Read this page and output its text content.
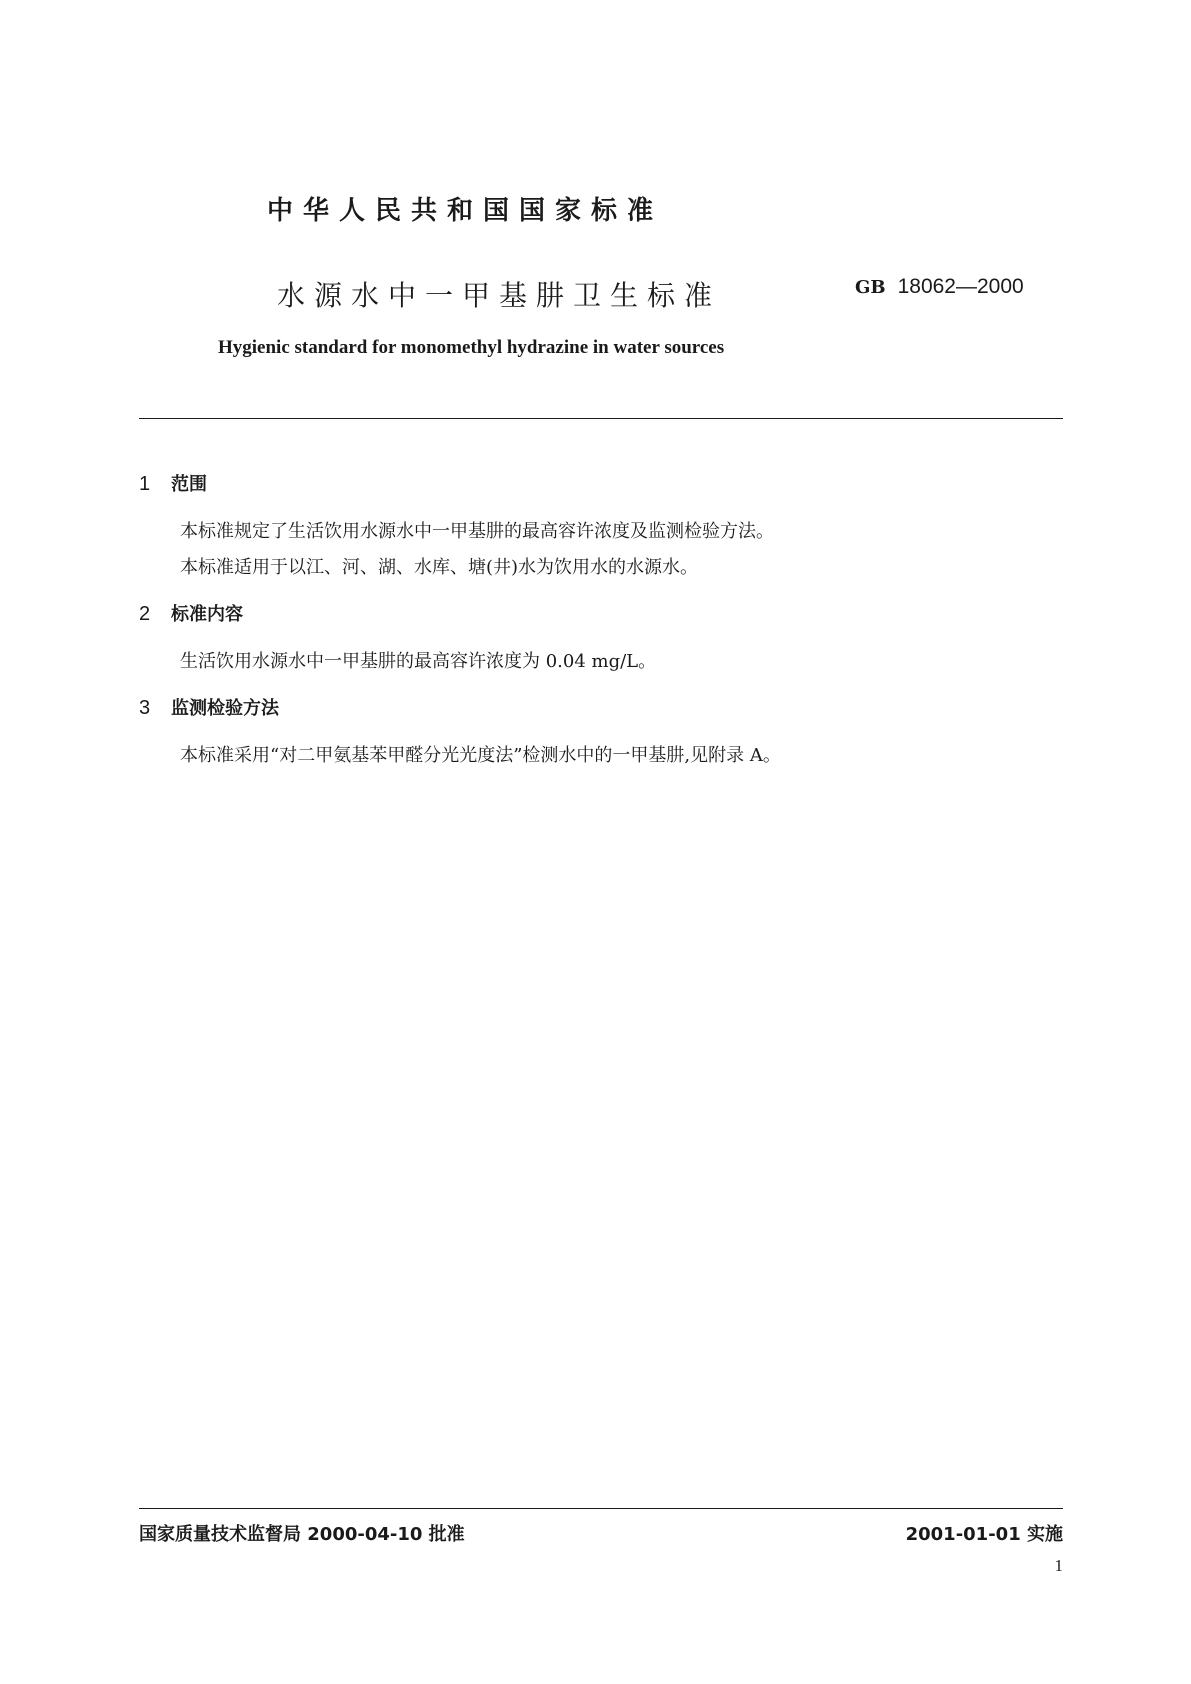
中华人民共和国国家标准
水源水中一甲基肼卫生标准	GB 18062—2000
Hygienic standard for monomethyl hydrazine in water sources
1 范围
本标准规定了生活饮用水源水中一甲基肼的最高容许浓度及监测检验方法。
本标准适用于以江、河、湖、水库、塘(井)水为饮用水的水源水。
2 标准内容
生活饮用水源水中一甲基肼的最高容许浓度为 0.04 mg/L。
3 监测检验方法
本标准采用“对二甲氨基苯甲醛分光光度法”检测水中的一甲基肼,见附录 A。
国家质量技术监督局 2000-04-10 批准	2001-01-01 实施
1
